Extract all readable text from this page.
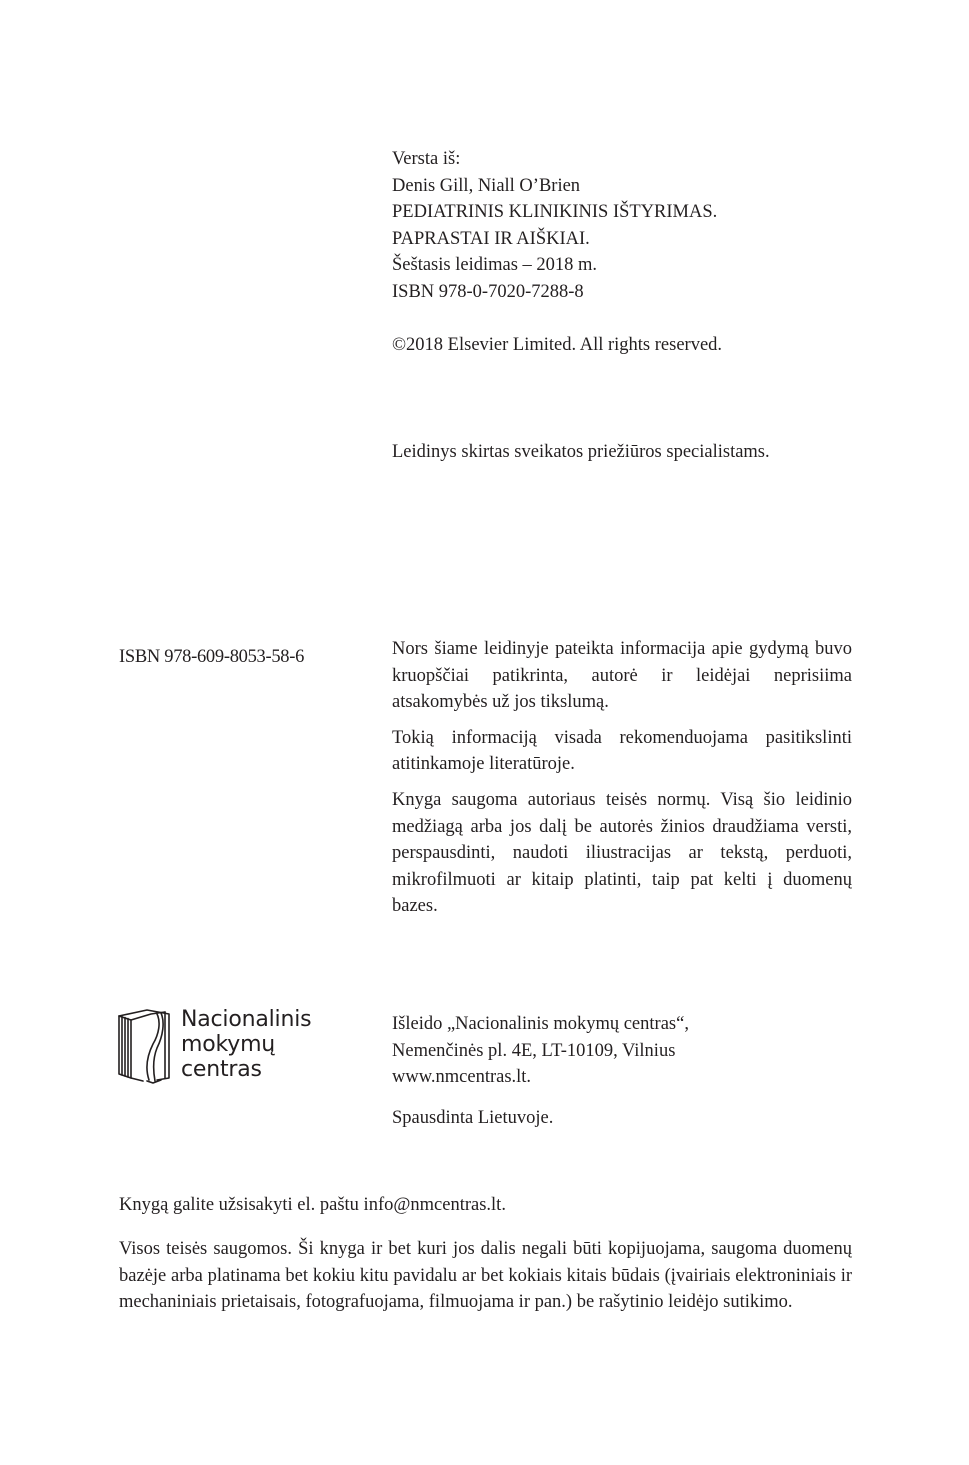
Versta iš:
Denis Gill, Niall O’Brien
PEDIATRINIS KLINIKINIS IŠTYRIMAS.
PAPRASTAI IR AIŠKIAI.
Šeštasis leidimas – 2018 m.
ISBN 978-0-7020-7288-8
©2018 Elsevier Limited. All rights reserved.
Leidinys skirtas sveikatos priežiūros specialistams.
ISBN 978-609-8053-58-6	Nors šiame leidinyje pateikta informacija apie gydymą buvo kruopščiai patikrinta, autorė ir leidėjai neprisiima atsakomybės už jos tikslumą.

Tokią informaciją visada rekomenduojama pasitikslinti atitinkamoje literatūroje.

Knyga saugoma autoriaus teisės normų. Visą šio leidinio medžiagą arba jos dalį be autorės žinios draudžiama versti, perspausdinti, naudoti iliustracijas ar tekstą, perduoti, mikrofilmuoti ar kitaip platinti, taip pat kelti į duomenų bazes.

Nacionalinis
mokymų
centras
Išleido „Nacionalinis mokymų centras“,
Nemenčinės pl. 4E, LT-10109, Vilnius
www.nmcentras.lt.
Spausdinta Lietuvoje.
Knygą galite užsisakyti el. paštu info@nmcentras.lt.
Visos teisės saugomos. Ši knyga ir bet kuri jos dalis negali būti kopijuojama, saugoma duomenų bazėje arba platinama bet kokiu kitu pavidalu ar bet kokiais kitais būdais (įvairiais elektroniniais ir mechaniniais prietaisais, fotografuojama, filmuojama ir pan.) be rašytinio leidėjo sutikimo.
